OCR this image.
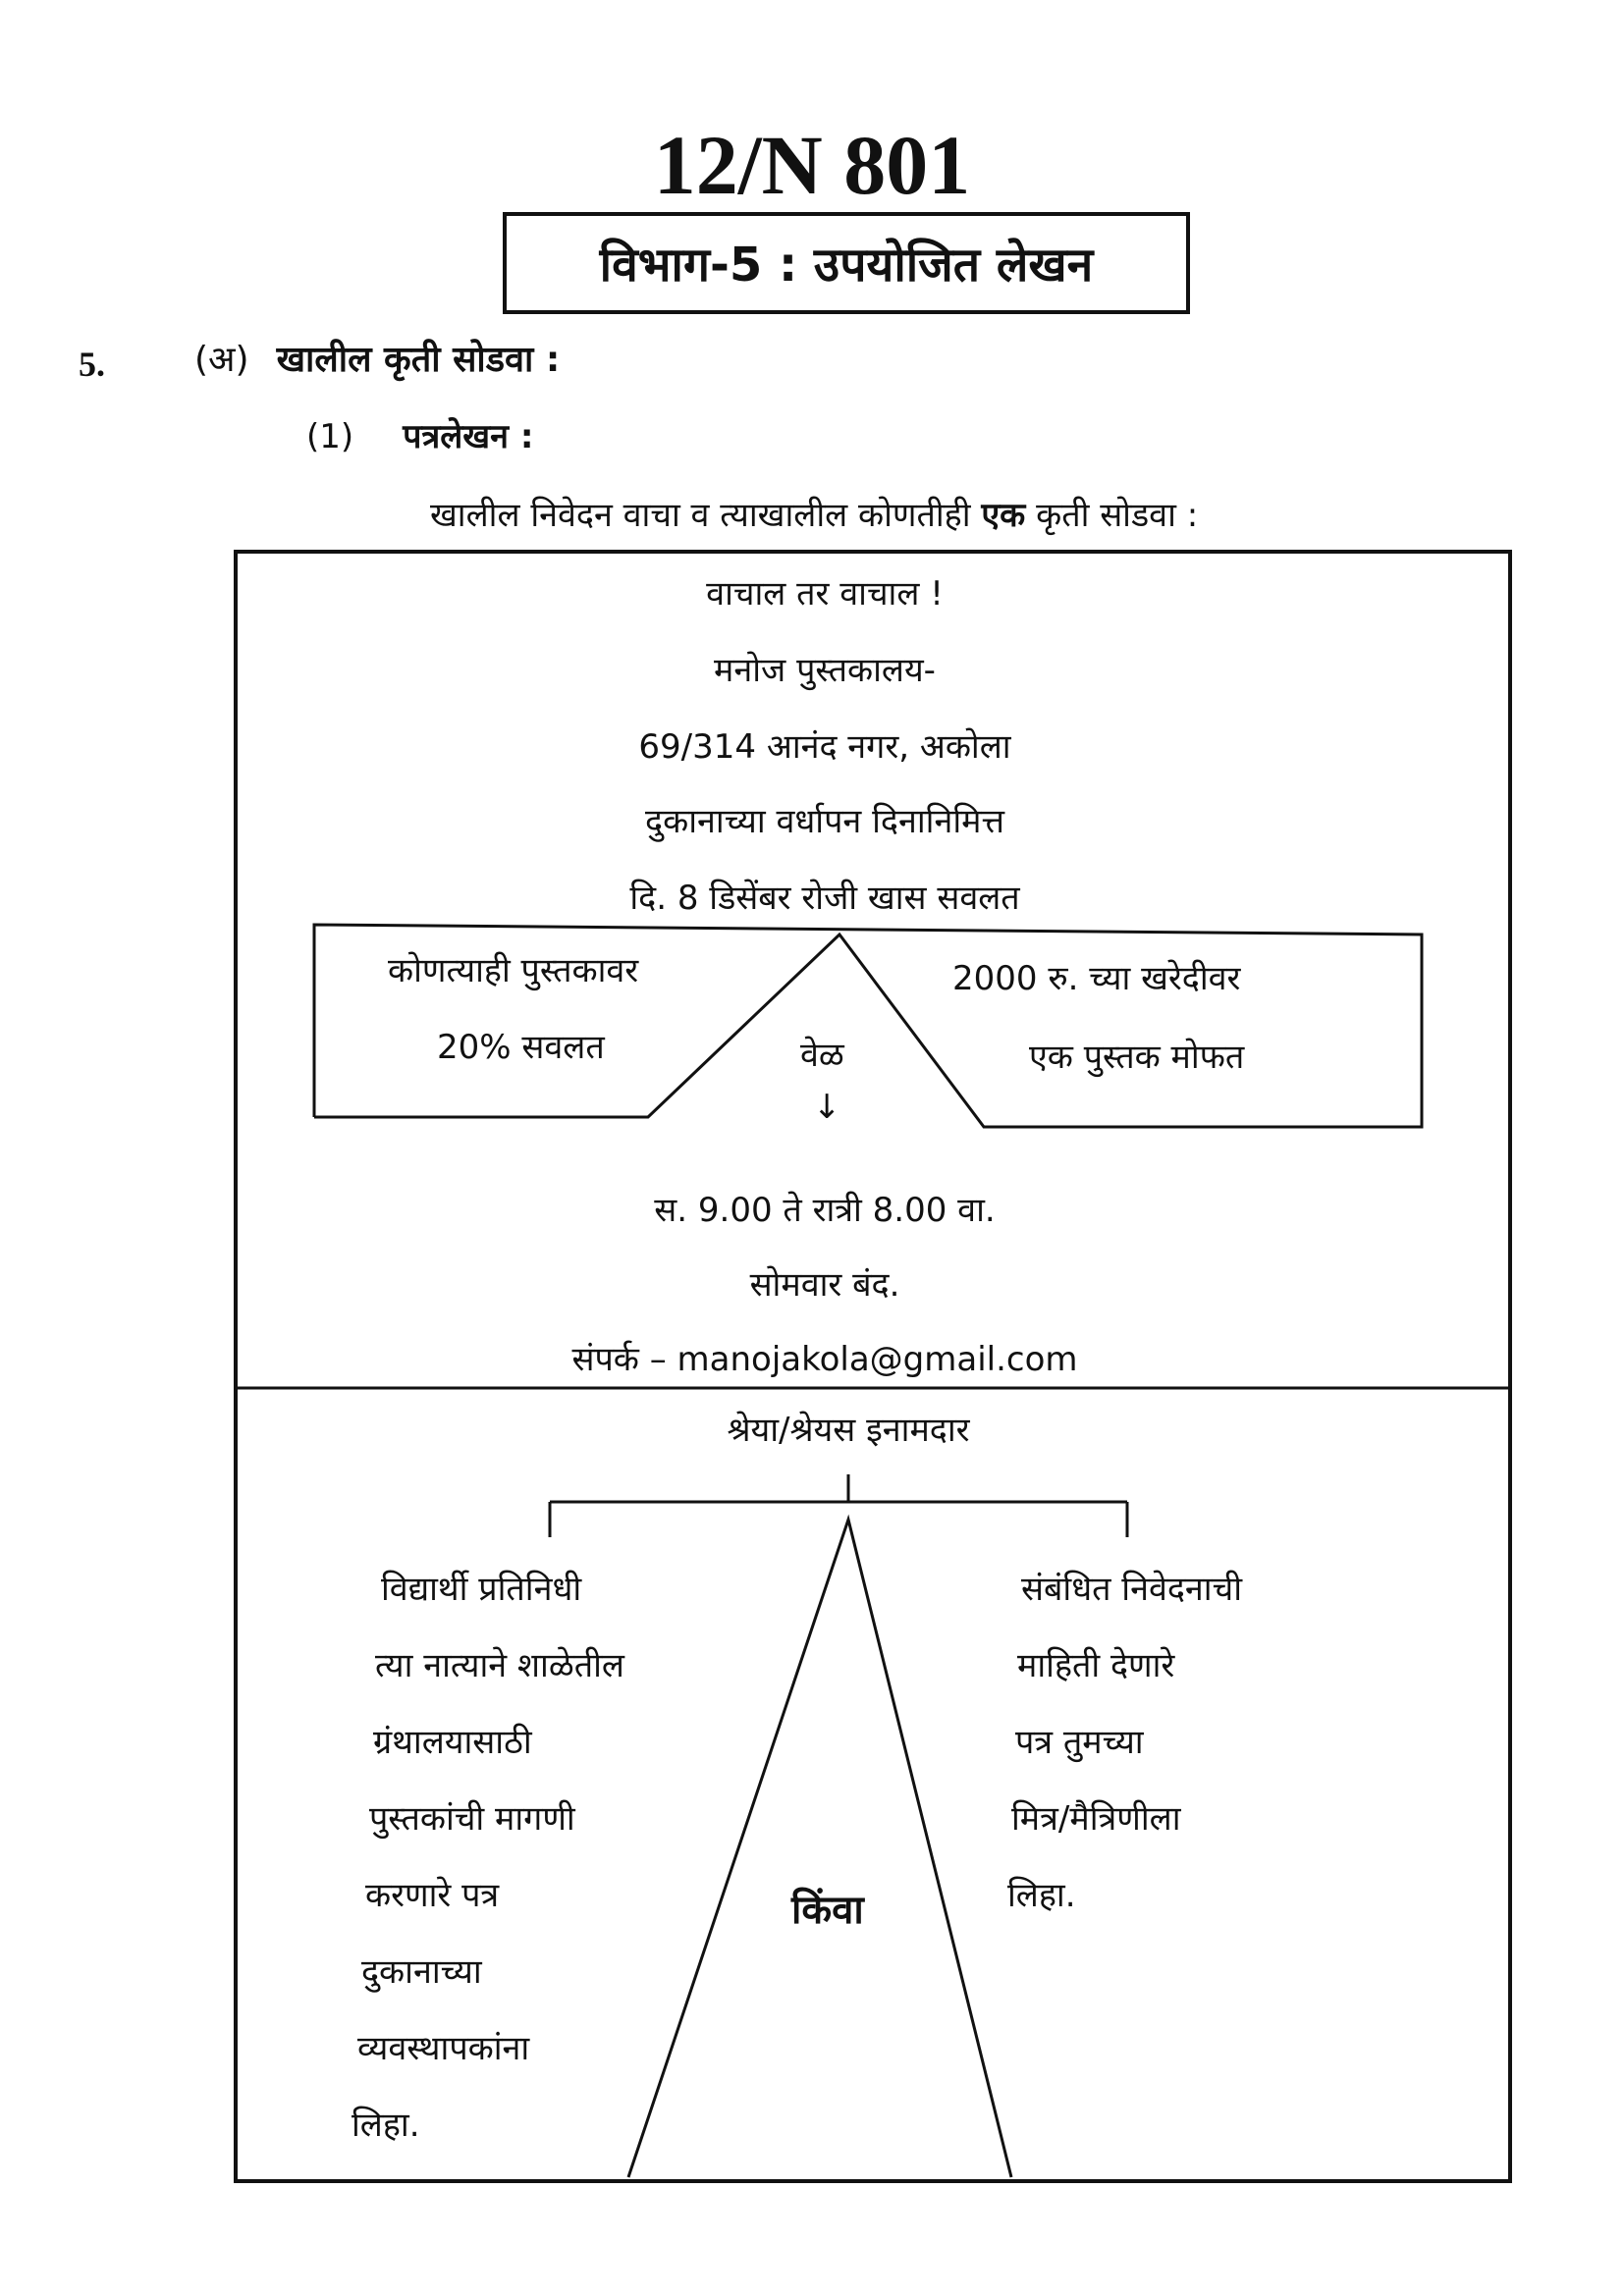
12/N 801
विभाग-5 : उपयोजित लेखन
5.	(अ) खालील कृती सोडवा :
(1) पत्रलेखन :
खालील निवेदन वाचा व त्याखालील कोणतीही एक कृती सोडवा :
वाचाल तर वाचाल !
मनोज पुस्तकालय-
69/314 आनंद नगर, अकोला
दुकानाच्या वर्धापन दिनानिमित्त
दि. 8 डिसेंबर रोजी खास सवलत
कोणत्याही पुस्तकावर
20% सवलत	वेळ
↓
2000 रु. च्या खरेदीवर
एक पुस्तक मोफत
स. 9.00 ते रात्री 8.00 वा.
सोमवार बंद.
संपर्क – manojakola@gmail.com
श्रेया/श्रेयस इनामदार
विद्यार्थी प्रतिनिधी
त्या नात्याने शाळेतील
ग्रंथालयासाठी
पुस्तकांची मागणी
करणारे पत्र
दुकानाच्या
व्यवस्थापकांना
लिहा.
किंवा
संबंधित निवेदनाची
माहिती देणारे
पत्र तुमच्या
मित्र/मैत्रिणीला
लिहा.
